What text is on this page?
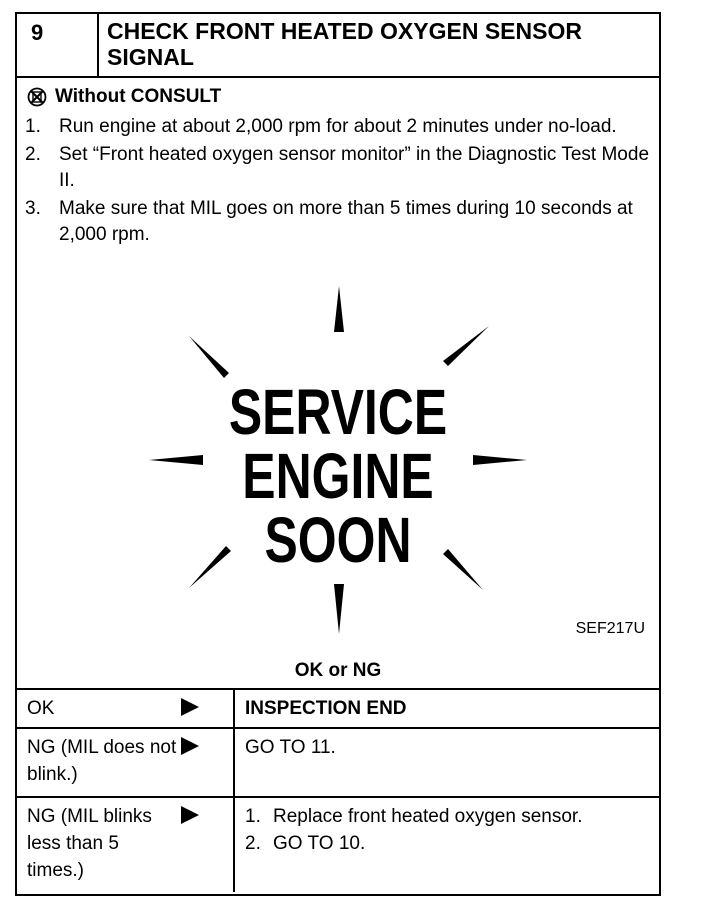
9	CHECK FRONT HEATED OXYGEN SENSOR SIGNAL
Without CONSULT
1. Run engine at about 2,000 rpm for about 2 minutes under no-load.
2. Set “Front heated oxygen sensor monitor” in the Diagnostic Test Mode II.
3. Make sure that MIL goes on more than 5 times during 10 seconds at 2,000 rpm.
SERVICE
ENGINE
SOON
SEF217U
OK or NG
OK		INSPECTION END
NG (MIL does not blink.)		GO TO 11.
NG (MIL blinks less than 5 times.)		1. Replace front heated oxygen sensor.
2. GO TO 10.
